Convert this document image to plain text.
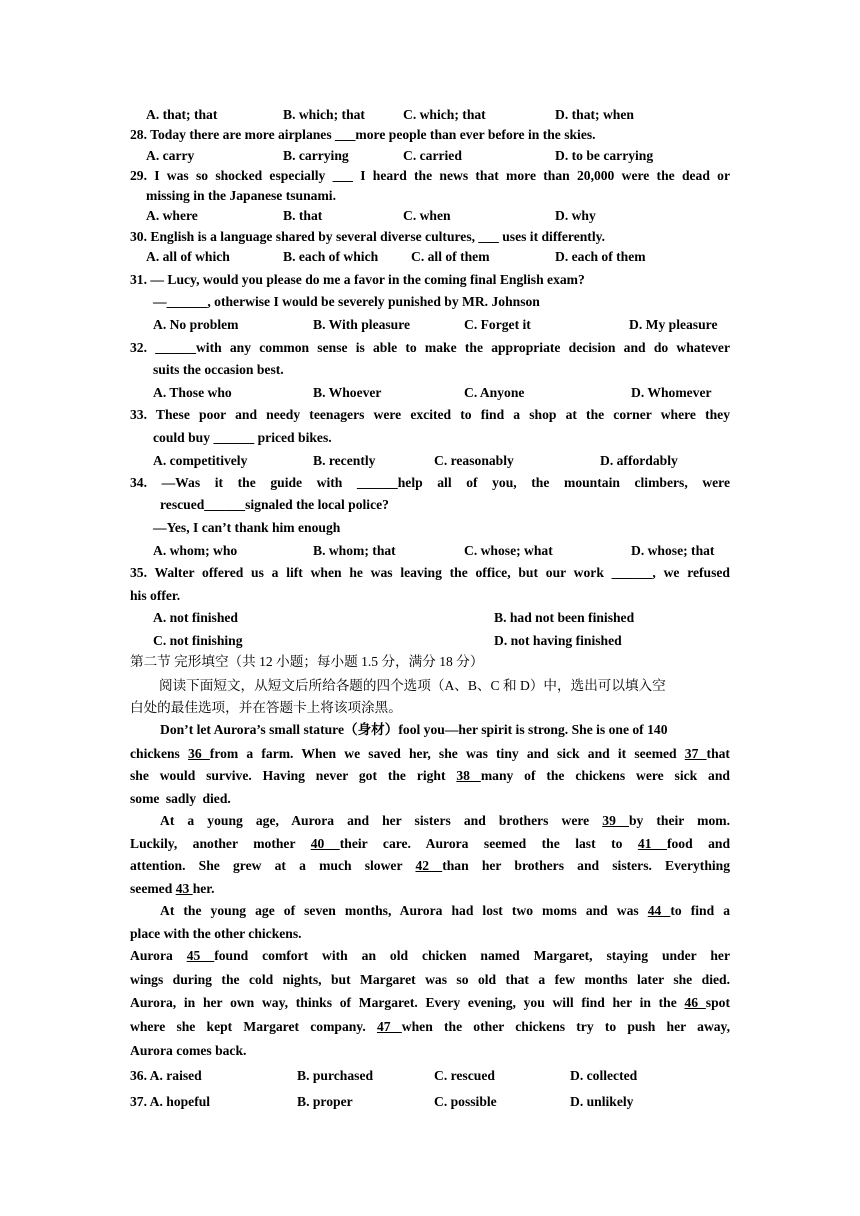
A. that; that	B. which; that	C. which; that	D. that; when
28. Today there are more airplanes ___more people than ever before in the skies.
A. carry	B. carrying	C. carried	D. to be carrying
29. I was so shocked especially ___ I heard the news that more than 20,000 were the dead or
missing in the Japanese tsunami.
A. where	B. that	C. when	D. why
30. English is a language shared by several diverse cultures, ___ uses it differently.
A. all of which	B. each of which C. all of them	D. each of them
31. — Lucy, would you please do me a favor in the coming final English exam?
—______, otherwise I would be severely punished by MR. Johnson
A. No problem	B. With pleasure	C. Forget it	D. My pleasure
32. ______with any common sense is able to make the appropriate decision and do whatever
suits the occasion best.
A. Those who	B. Whoever	C. Anyone	D. Whomever
33. These poor and needy teenagers were excited to find a shop at the corner where they
could buy ______ priced bikes.
A. competitively	B. recently	C. reasonably	D. affordably
34. —Was it the guide with ______help all of you, the mountain climbers, were
rescued______signaled the local police?
—Yes, I can’t thank him enough
A. whom; who	B. whom; that	C. whose; what	D. whose; that
35. Walter offered us a lift when he was leaving the office, but our work ______, we refused
his offer.
A. not finished	B. had not been finished
C. not finishing	D. not having finished
第二节 完形填空（共 12 小题；每小题 1.5 分，满分 18 分）
阅读下面短文，从短文后所给各题的四个选项（A、B、C 和 D）中，选出可以填入空
白处的最佳选项，并在答题卡上将该项涂黑。
Don’t let Aurora’s small stature（身材）fool you—her spirit is strong. She is one of 140
chickens 36 from a farm. When we saved her, she was tiny and sick and it seemed 37 that
she would survive. Having never got the right 38 many of the chickens were sick and
some sadly died.
At a young age, Aurora and her sisters and brothers were 39 by their mom.
Luckily, another mother 40 their care. Aurora seemed the last to 41 food and
attention. She grew at a much slower 42 than her brothers and sisters. Everything
seemed 43 her.
At the young age of seven months, Aurora had lost two moms and was 44 to find a
place with the other chickens.
Aurora 45 found comfort with an old chicken named Margaret, staying under her
wings during the cold nights, but Margaret was so old that a few months later she died.
Aurora, in her own way, thinks of Margaret. Every evening, you will find her in the 46 spot
where she kept Margaret company. 47 when the other chickens try to push her away,
Aurora comes back.
36. A. raised	B. purchased	C. rescued	D. collected
37. A. hopeful	B. proper	C. possible	D. unlikely
